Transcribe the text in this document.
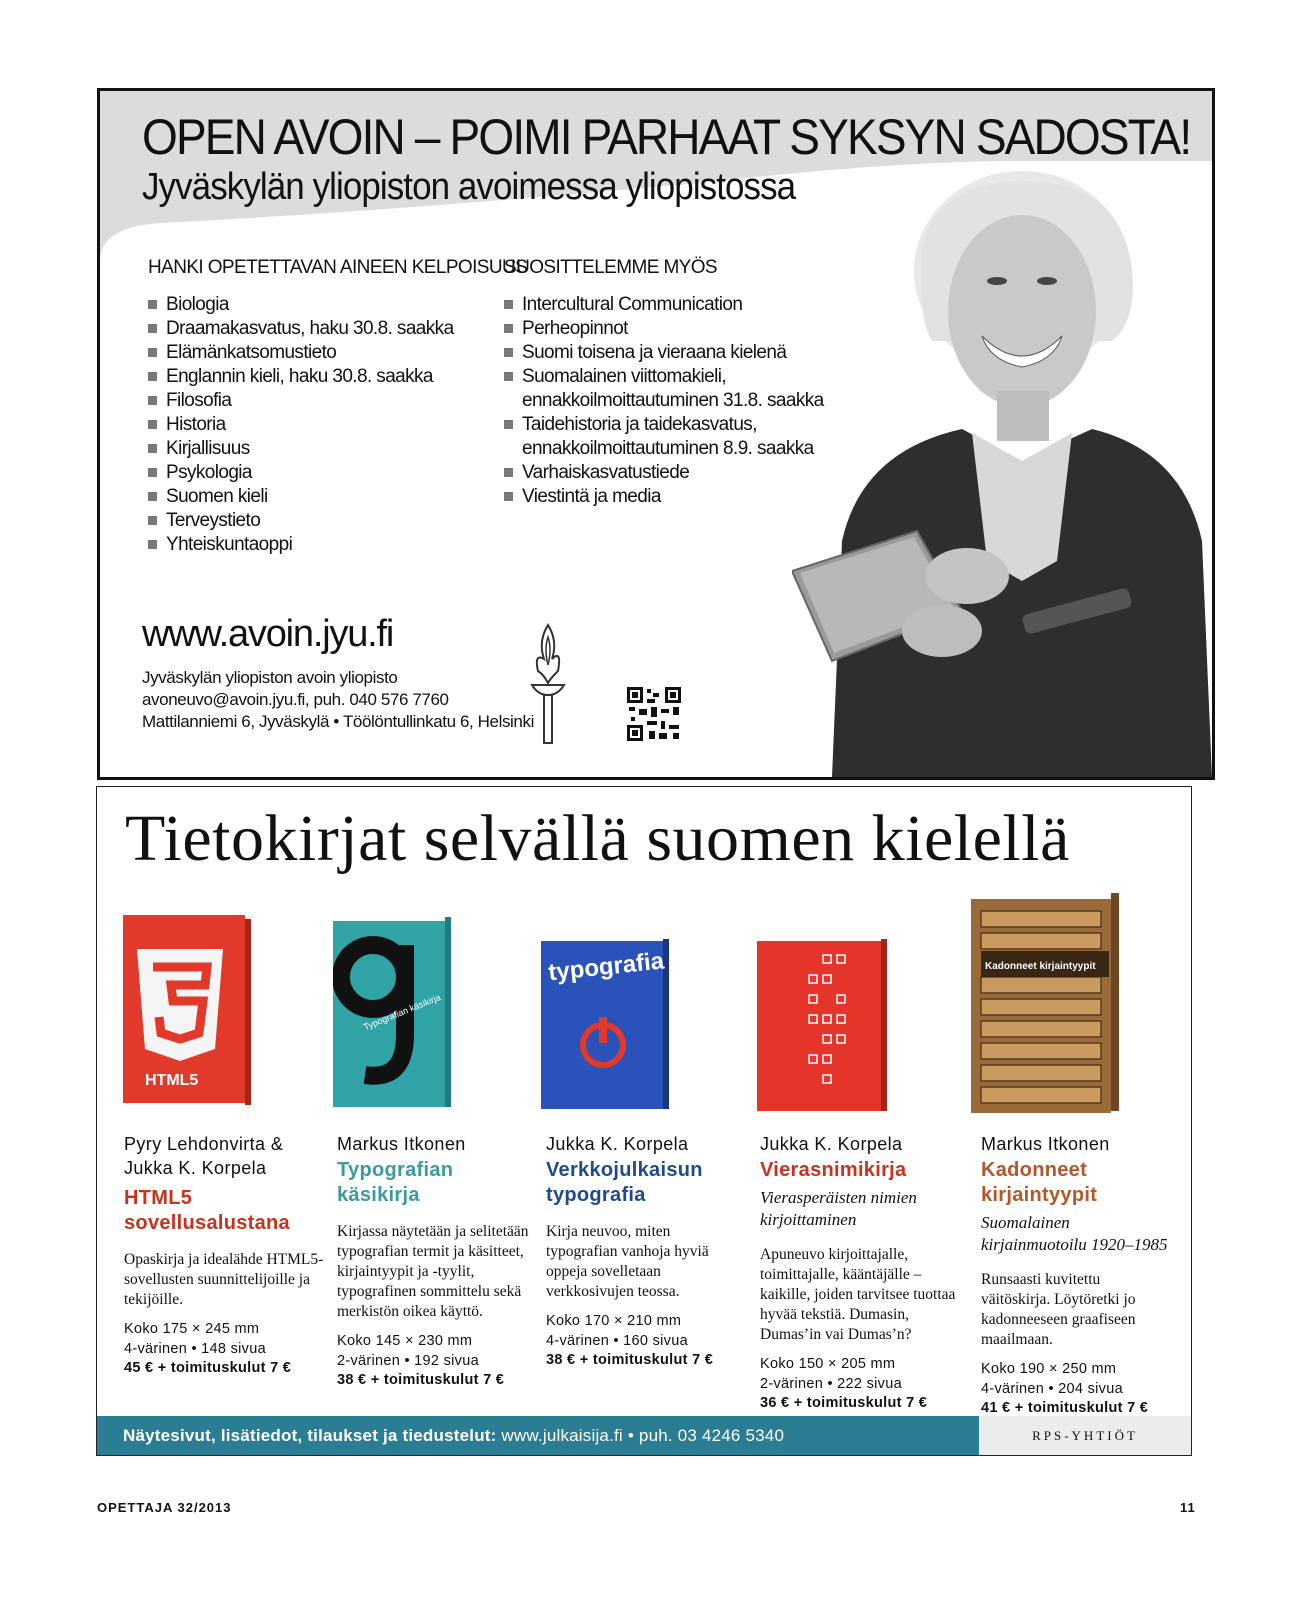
OPEN AVOIN – POIMI PARHAAT SYKSYN SADOSTA!
Jyväskylän yliopiston avoimessa yliopistossa
HANKI OPETETTAVAN AINEEN KELPOISUUS
Biologia
Draamakasvatus, haku 30.8. saakka
Elämänkatsomustieto
Englannin kieli, haku 30.8. saakka
Filosofia
Historia
Kirjallisuus
Psykologia
Suomen kieli
Terveystieto
Yhteiskuntaoppi
SUOSITTELEMME MYÖS
Intercultural Communication
Perheopinnot
Suomi toisena ja vieraana kielenä
Suomalainen viittomakieli,
ennakkoilmoittautuminen 31.8. saakka
Taidehistoria ja taidekasvatus,
ennakkoilmoittautuminen 8.9. saakka
Varhaiskasvatustiede
Viestintä ja media
www.avoin.jyu.fi
Jyväskylän yliopiston avoin yliopisto
avoneuvo@avoin.jyu.fi, puh. 040 576 7760
Mattilanniemi 6, Jyväskylä • Töölöntullinkatu 6, Helsinki
Tietokirjat selvällä suomen kielellä
HTML5
Typografian käsikirja
typografia	Kadonneet kirjaintyypit
Pyry Lehdonvirta & Jukka K. Korpela
HTML5
sovellusalustana
Opaskirja ja idealähde HTML5-sovellusten suunnittelijoille ja tekijöille.
Koko 175 × 245 mm
4-värinen • 148 sivua
45 € + toimituskulut 7 €
Markus Itkonen
Typografian
käsikirja
Kirjassa näytetään ja selitetään typografian termit ja käsitteet, kirjaintyypit ja -tyylit, typografinen sommittelu sekä merkistön oikea käyttö.
Koko 145 × 230 mm
2-värinen • 192 sivua
38 € + toimituskulut 7 €
Jukka K. Korpela
Verkkojulkaisun
typografia
Kirja neuvoo, miten typografian vanhoja hyviä oppeja sovelletaan verkkosivujen teossa.
Koko 170 × 210 mm
4-värinen • 160 sivua
38 € + toimituskulut 7 €
Jukka K. Korpela
Vierasnimikirja
Vierasperäisten nimien kirjoittaminen
Apuneuvo kirjoittajalle, toimittajalle, kääntäjälle – kaikille, joiden tarvitsee tuottaa hyvää tekstiä. Dumasin, Dumas’in vai Dumas’n?
Koko 150 × 205 mm
2-värinen • 222 sivua
36 € + toimituskulut 7 €
Markus Itkonen
Kadonneet
kirjaintyypit
Suomalainen kirjainmuotoilu 1920–1985
Runsaasti kuvitettu väitöskirja. Löytöretki jo kadonneeseen graafiseen maailmaan.
Koko 190 × 250 mm
4-värinen • 204 sivua
41 € + toimituskulut 7 €
Näytesivut, lisätiedot, tilaukset ja tiedustelut: www.julkaisija.fi • puh. 03 4246 5340	RPS-YHTIÖT
OPETTAJA 32/2013	11
